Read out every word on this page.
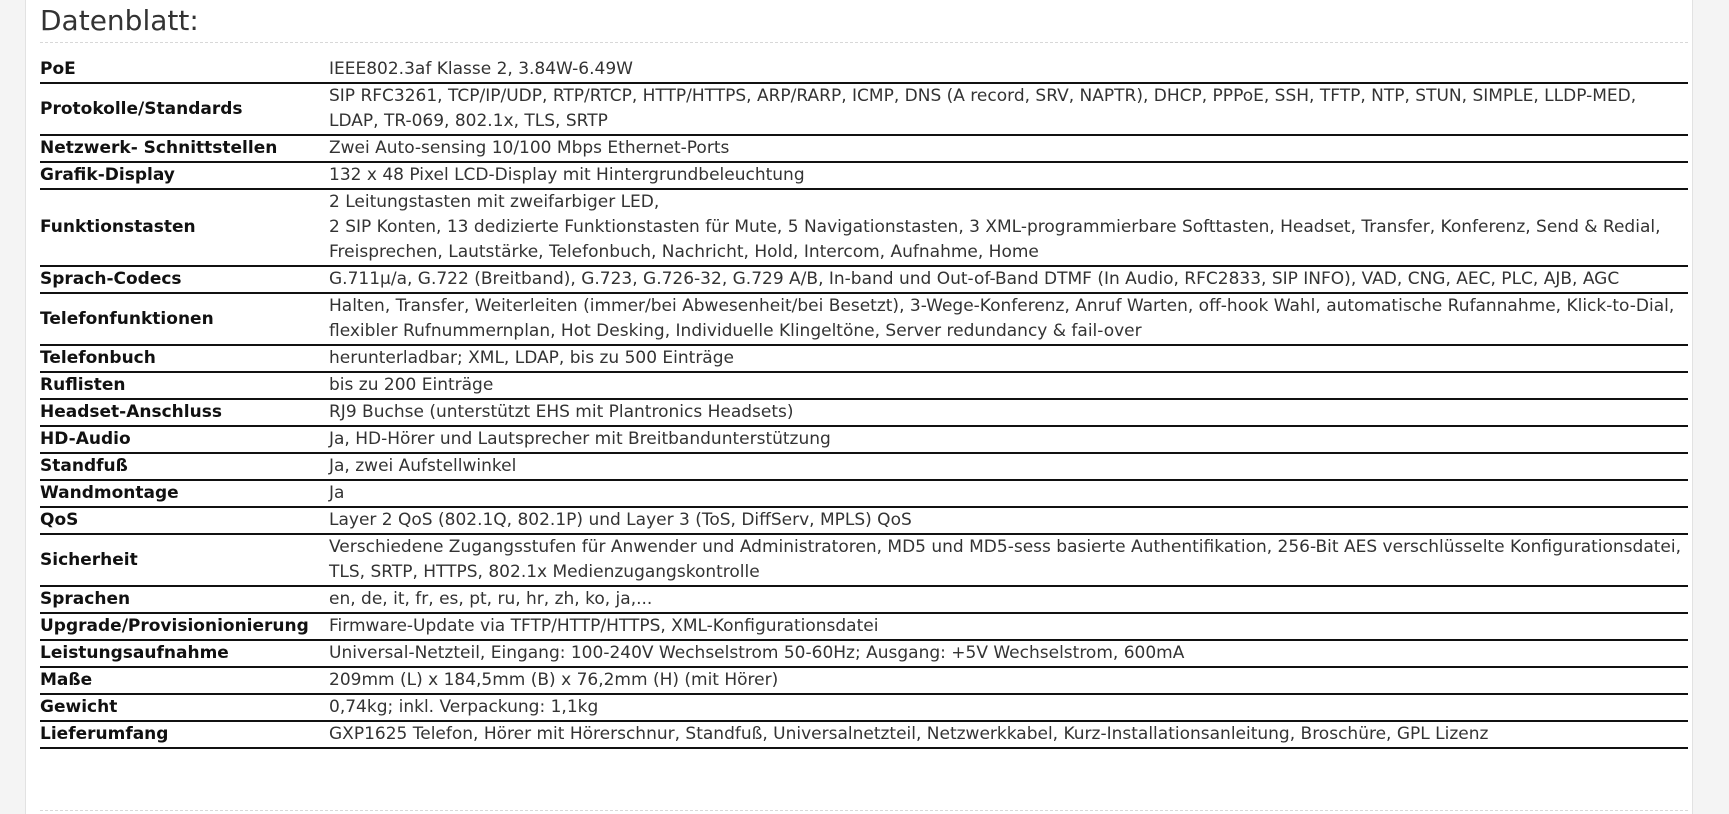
Datenblatt:
PoE	IEEE802.3af Klasse 2, 3.84W-6.49W
Protokolle/Standards	SIP RFC3261, TCP/IP/UDP, RTP/RTCP, HTTP/HTTPS, ARP/RARP, ICMP, DNS (A record, SRV, NAPTR), DHCP, PPPoE, SSH, TFTP, NTP, STUN, SIMPLE, LLDP-MED, LDAP, TR-069, 802.1x, TLS, SRTP
Netzwerk- Schnittstellen	Zwei Auto-sensing 10/100 Mbps Ethernet-Ports
Grafik-Display	132 x 48 Pixel LCD-Display mit Hintergrundbeleuchtung
Funktionstasten	2 Leitungstasten mit zweifarbiger LED,
2 SIP Konten, 13 dedizierte Funktionstasten für Mute, 5 Navigationstasten, 3 XML-programmierbare Softtasten, Headset, Transfer, Konferenz, Send & Redial, Freisprechen, Lautstärke, Telefonbuch, Nachricht, Hold, Intercom, Aufnahme, Home
Sprach-Codecs	G.711µ/a, G.722 (Breitband), G.723, G.726-32, G.729 A/B, In-band und Out-of-Band DTMF (In Audio, RFC2833, SIP INFO), VAD, CNG, AEC, PLC, AJB, AGC
Telefonfunktionen	Halten, Transfer, Weiterleiten (immer/bei Abwesenheit/bei Besetzt), 3-Wege-Konferenz, Anruf Warten, off-hook Wahl, automatische Rufannahme, Klick-to-Dial, flexibler Rufnummernplan, Hot Desking, Individuelle Klingeltöne, Server redundancy & fail-over
Telefonbuch	herunterladbar; XML, LDAP, bis zu 500 Einträge
Ruflisten	bis zu 200 Einträge
Headset-Anschluss	RJ9 Buchse (unterstützt EHS mit Plantronics Headsets)
HD-Audio	Ja, HD-Hörer und Lautsprecher mit Breitbandunterstützung
Standfuß	Ja, zwei Aufstellwinkel
Wandmontage	Ja
QoS	Layer 2 QoS (802.1Q, 802.1P) und Layer 3 (ToS, DiffServ, MPLS) QoS
Sicherheit	Verschiedene Zugangsstufen für Anwender und Administratoren, MD5 und MD5-sess basierte Authentifikation, 256-Bit AES verschlüsselte Konfigurationsdatei, TLS, SRTP, HTTPS, 802.1x Medienzugangskontrolle
Sprachen	en, de, it, fr, es, pt, ru, hr, zh, ko, ja,...
Upgrade/Provisionionierung	Firmware-Update via TFTP/HTTP/HTTPS, XML-Konfigurationsdatei
Leistungsaufnahme	Universal-Netzteil, Eingang: 100-240V Wechselstrom 50-60Hz; Ausgang: +5V Wechselstrom, 600mA
Maße	209mm (L) x 184,5mm (B) x 76,2mm (H) (mit Hörer)
Gewicht	0,74kg; inkl. Verpackung: 1,1kg
Lieferumfang	GXP1625 Telefon, Hörer mit Hörerschnur, Standfuß, Universalnetzteil, Netzwerkkabel, Kurz-Installationsanleitung, Broschüre, GPL Lizenz
